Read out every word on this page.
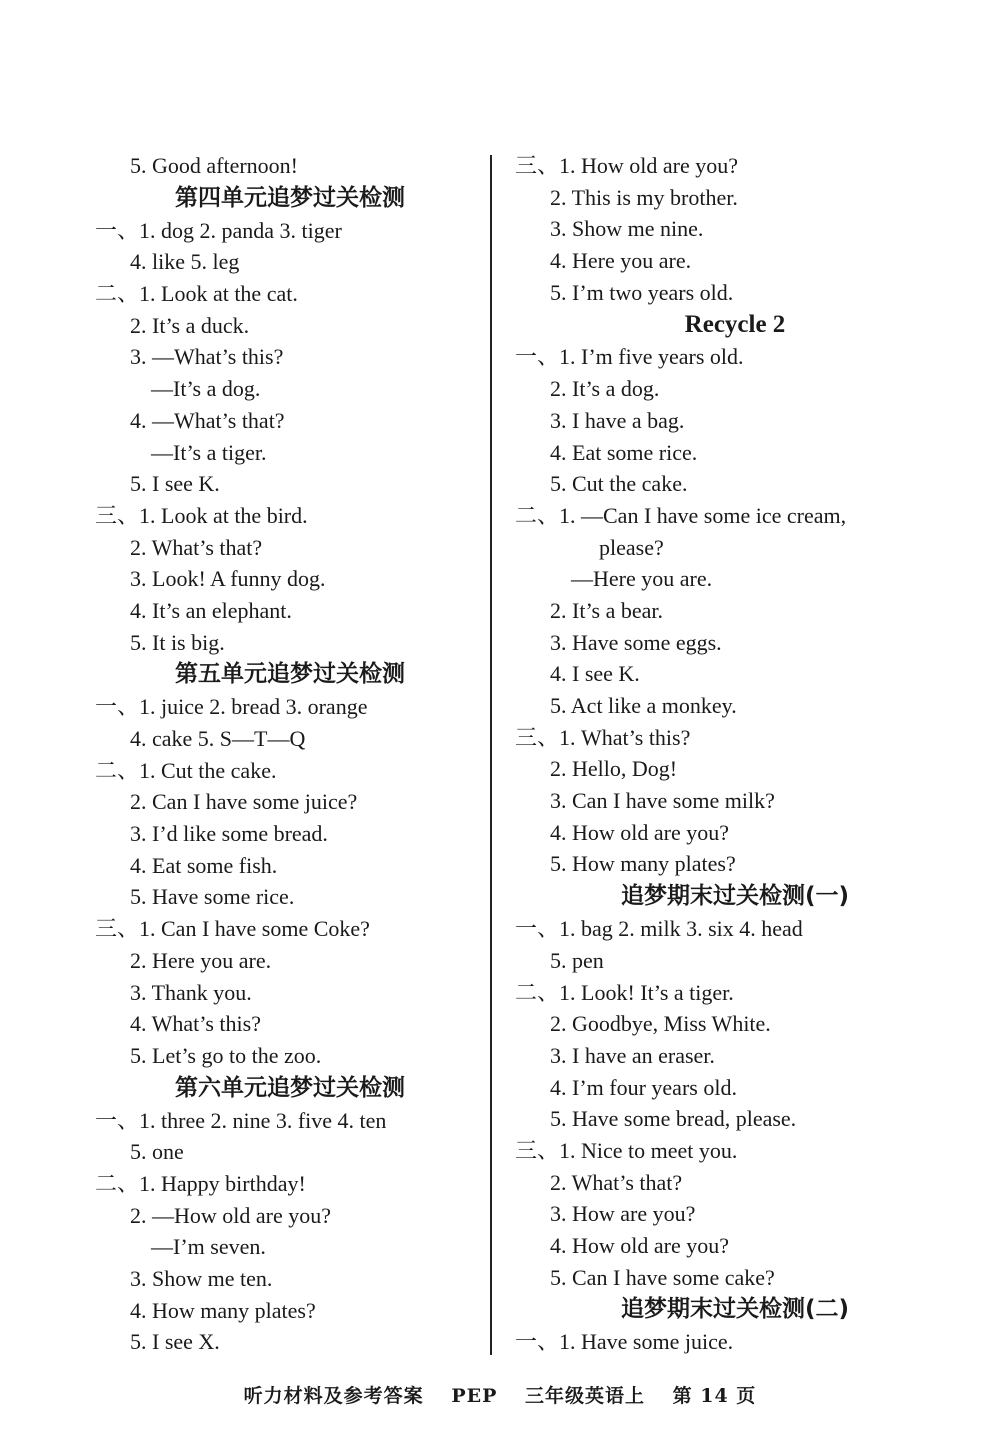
5. Good afternoon!
第四单元追梦过关检测
一、1. dog 2. panda 3. tiger
4. like 5. leg
二、1. Look at the cat.
2. It’s a duck.
3. —What’s this?
—It’s a dog.
4. —What’s that?
—It’s a tiger.
5. I see K.
三、1. Look at the bird.
2. What’s that?
3. Look! A funny dog.
4. It’s an elephant.
5. It is big.
第五单元追梦过关检测
一、1. juice 2. bread 3. orange
4. cake 5. S—T—Q
二、1. Cut the cake.
2. Can I have some juice?
3. I’d like some bread.
4. Eat some fish.
5. Have some rice.
三、1. Can I have some Coke?
2. Here you are.
3. Thank you.
4. What’s this?
5. Let’s go to the zoo.
第六单元追梦过关检测
一、1. three 2. nine 3. five 4. ten
5. one
二、1. Happy birthday!
2. —How old are you?
—I’m seven.
3. Show me ten.
4. How many plates?
5. I see X.
三、1. How old are you?
2. This is my brother.
3. Show me nine.
4. Here you are.
5. I’m two years old.
Recycle 2
一、1. I’m five years old.
2. It’s a dog.
3. I have a bag.
4. Eat some rice.
5. Cut the cake.
二、1. —Can I have some ice cream,
please?
—Here you are.
2. It’s a bear.
3. Have some eggs.
4. I see K.
5. Act like a monkey.
三、1. What’s this?
2. Hello, Dog!
3. Can I have some milk?
4. How old are you?
5. How many plates?
追梦期末过关检测(一)
一、1. bag 2. milk 3. six 4. head
5. pen
二、1. Look! It’s a tiger.
2. Goodbye, Miss White.
3. I have an eraser.
4. I’m four years old.
5. Have some bread, please.
三、1. Nice to meet you.
2. What’s that?
3. How are you?
4. How old are you?
5. Can I have some cake?
追梦期末过关检测(二)
一、1. Have some juice.
听力材料及参考答案 PEP 三年级英语上 第 14 页
